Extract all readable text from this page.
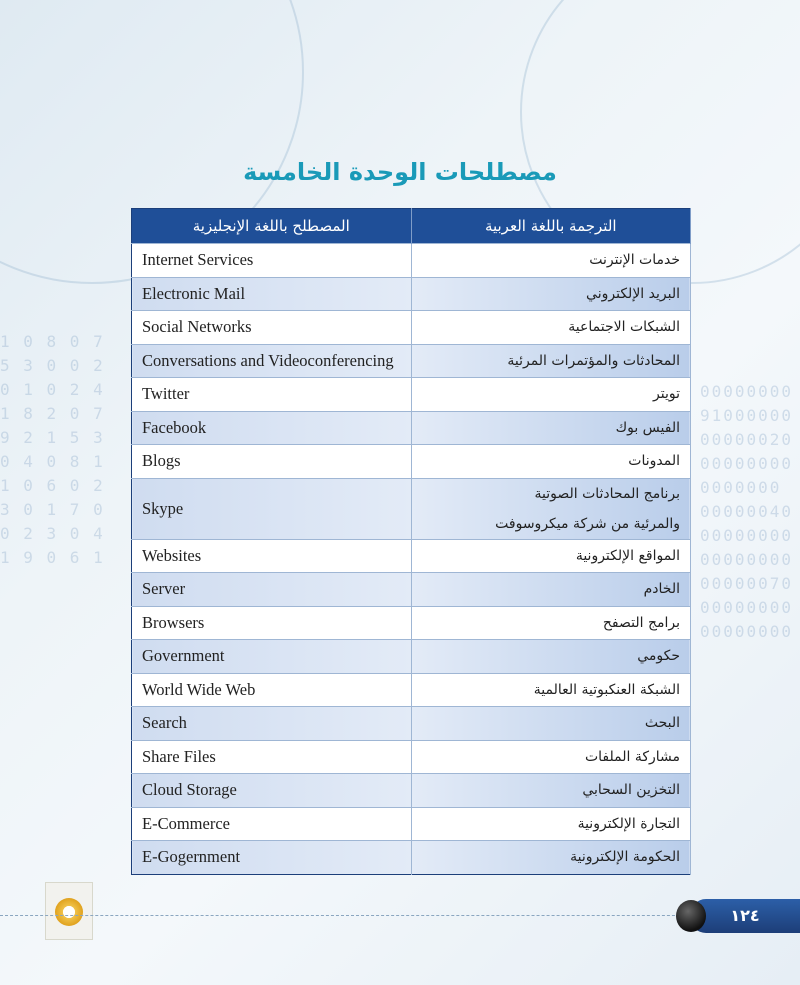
1 0 8 0 7
5 3 0 0 2
0 1 0 2 4
1 8 2 0 7
9 2 1 5 3
0 4 0 8 1
1 0 6 0 2
3 0 1 7 0
0 2 3 0 4
1 9 0 6 1
00000000
91000000
00000020
00000000
0000000
00000040
00000000
00000000
00000070
00000000
00000000
مصطلحات الوحدة الخامسة
المصطلح باللغة الإنجليزية	الترجمة باللغة العربية
Internet Services	خدمات الإنترنت

Electronic Mail	البريد الإلكتروني

Social Networks	الشبكات الاجتماعية

Conversations and Videoconferencing	المحادثات والمؤتمرات المرئية

Twitter	تويتر

Facebook	الفيس بوك

Blogs	المدونات

Skype	برنامج المحادثات الصوتية
والمرئية من شركة ميكروسوفت

Websites	المواقع الإلكترونية

Server	الخادم

Browsers	برامج التصفح

Government	حكومي

World Wide Web	الشبكة العنكبوتية العالمية

Search	البحث

Share Files	مشاركة الملفات

Cloud Storage	التخزين السحابي

E-Commerce	التجارة الإلكترونية

E-Gogernment	الحكومة الإلكترونية
١٢٤
